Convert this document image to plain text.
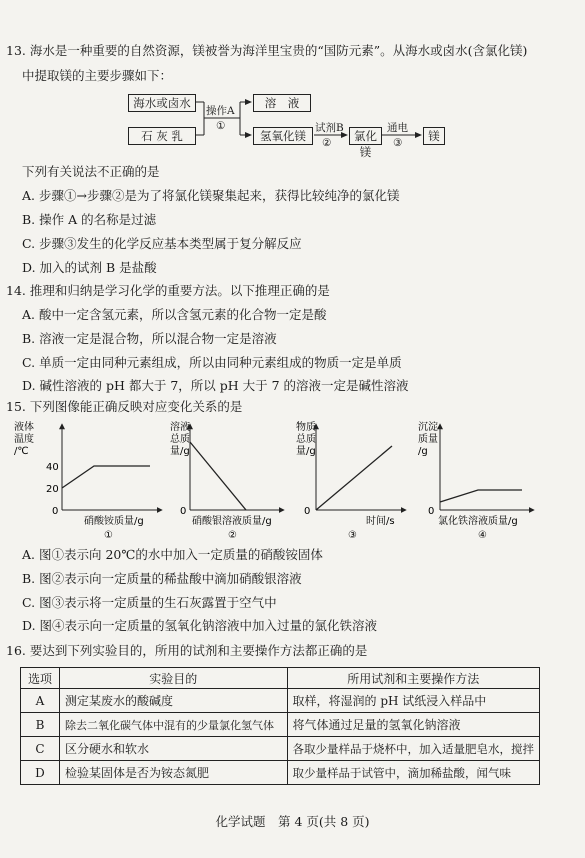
13. 海水是一种重要的自然资源，镁被誉为海洋里宝贵的“国防元素”。从海水或卤水(含氯化镁)
中提取镁的主要步骤如下：
海水或卤水
石 灰 乳
操作A
①
溶　液
氢氧化镁
试剂B
②	氯化镁
通电
③	镁
下列有关说法不正确的是
A. 步骤①→步骤②是为了将氯化镁聚集起来，获得比较纯净的氯化镁
B. 操作 A 的名称是过滤
C. 步骤③发生的化学反应基本类型属于复分解反应
D. 加入的试剂 B 是盐酸
14. 推理和归纳是学习化学的重要方法。以下推理正确的是
A. 酸中一定含氢元素，所以含氢元素的化合物一定是酸
B. 溶液一定是混合物，所以混合物一定是溶液
C. 单质一定由同种元素组成，所以由同种元素组成的物质一定是单质
D. 碱性溶液的 pH 都大于 7，所以 pH 大于 7 的溶液一定是碱性溶液
15. 下列图像能正确反映对应变化关系的是
液体
温度
/℃
40
20
0
硝酸铵质量/g
①
溶液
总质
量/g
0
硝酸银溶液质量/g
②
物质
总质
量/g
0
时间/s
③
沉淀
质量
/g
0
氯化铁溶液质量/g
④
A. 图①表示向 20℃的水中加入一定质量的硝酸铵固体
B. 图②表示向一定质量的稀盐酸中滴加硝酸银溶液
C. 图③表示将一定质量的生石灰露置于空气中
D. 图④表示向一定质量的氢氧化钠溶液中加入过量的氯化铁溶液
16. 要达到下列实验目的，所用的试剂和主要操作方法都正确的是
选项	实验目的	所用试剂和主要操作方法
A	测定某废水的酸碱度	取样，将湿润的 pH 试纸浸入样品中
B	除去二氧化碳气体中混有的少量氯化氢气体	将气体通过足量的氢氧化钠溶液
C	区分硬水和软水	各取少量样品于烧杯中，加入适量肥皂水，搅拌
D	检验某固体是否为铵态氮肥	取少量样品于试管中，滴加稀盐酸，闻气味
化学试题　第 4 页(共 8 页)
